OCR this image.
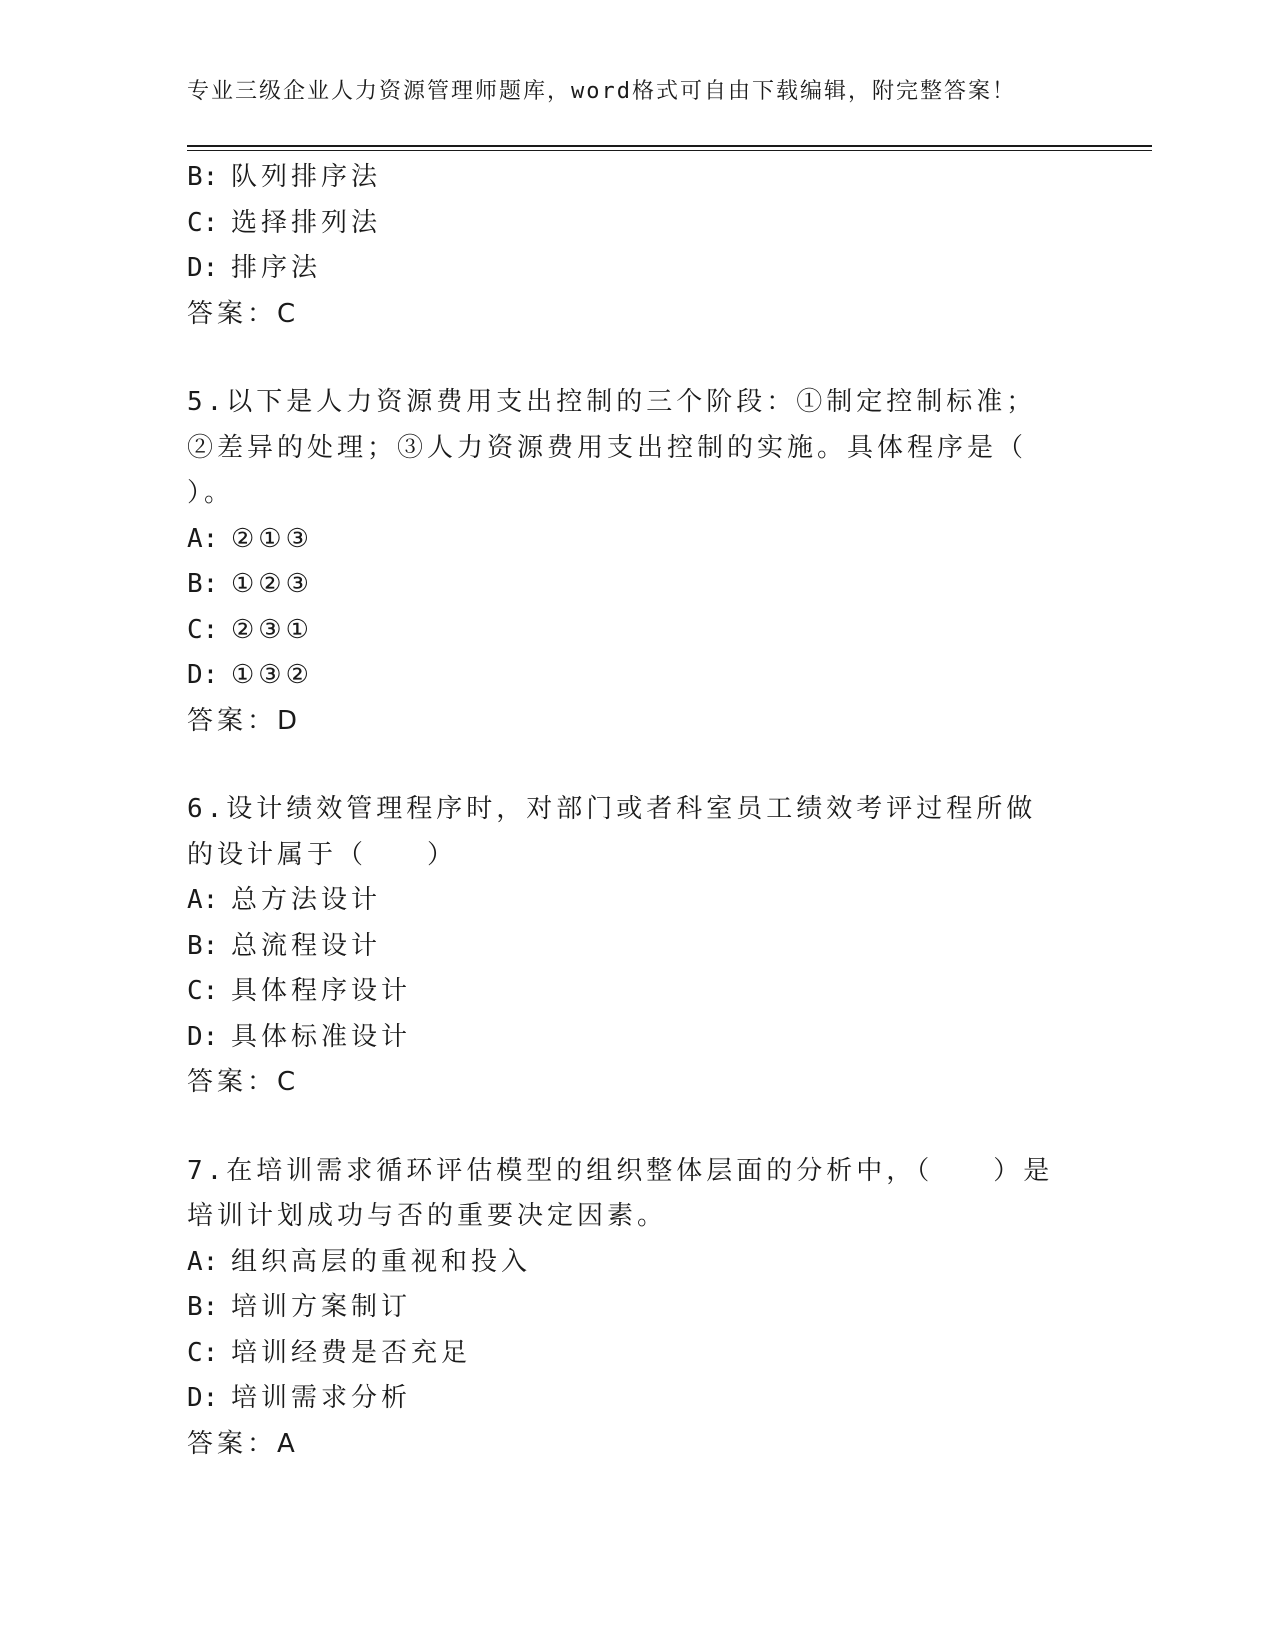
专业三级企业人力资源管理师题库，word格式可自由下载编辑，附完整答案！
B: 队列排序法
C: 选择排列法
D: 排序法
答案：C
5.以下是人力资源费用支出控制的三个阶段：①制定控制标准；②差异的处理；③人力资源费用支出控制的实施。具体程序是（　　）。
A: ②①③
B: ①②③
C: ②③①
D: ①③②
答案：D
6.设计绩效管理程序时，对部门或者科室员工绩效考评过程所做的设计属于（　　）
A: 总方法设计
B: 总流程设计
C: 具体程序设计
D: 具体标准设计
答案：C
7.在培训需求循环评估模型的组织整体层面的分析中，（　　）是培训计划成功与否的重要决定因素。
A: 组织高层的重视和投入
B: 培训方案制订
C: 培训经费是否充足
D: 培训需求分析
答案：A
